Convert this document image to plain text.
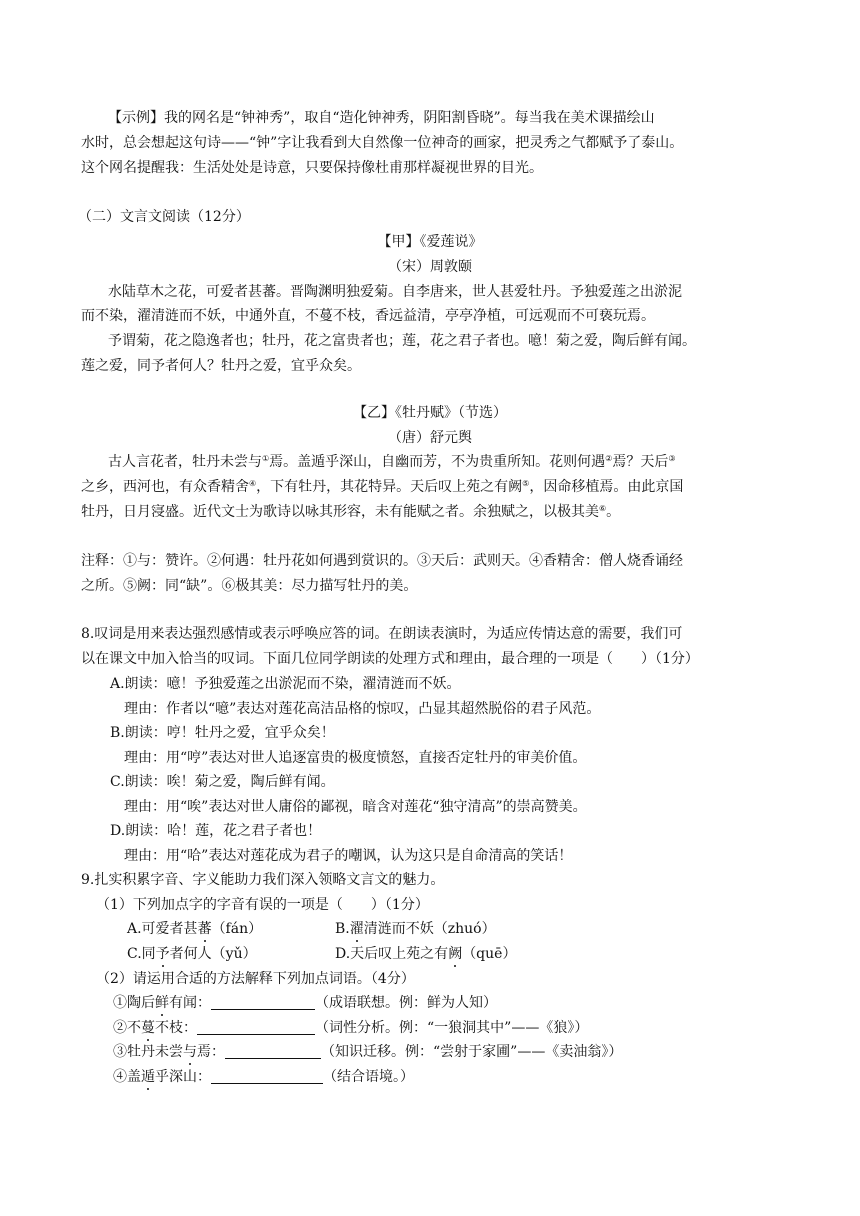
【示例】我的网名是“钟神秀”，取自“造化钟神秀，阴阳割昏晓”。每当我在美术课描绘山
水时，总会想起这句诗——“钟”字让我看到大自然像一位神奇的画家，把灵秀之气都赋予了泰山。
这个网名提醒我：生活处处是诗意，只要保持像杜甫那样凝视世界的目光。
（二）文言文阅读（12分）
【甲】《爱莲说》
（宋）周敦颐
水陆草木之花，可爱者甚蕃。晋陶渊明独爱菊。自李唐来，世人甚爱牡丹。予独爱莲之出淤泥
而不染，濯清涟而不妖，中通外直，不蔓不枝，香远益清，亭亭净植，可远观而不可亵玩焉。
予谓菊，花之隐逸者也；牡丹，花之富贵者也；莲，花之君子者也。噫！菊之爱，陶后鲜有闻。
莲之爱，同予者何人？牡丹之爱，宜乎众矣。
【乙】《牡丹赋》（节选）
（唐）舒元舆
古人言花者，牡丹未尝与①焉。盖遁乎深山，自幽而芳，不为贵重所知。花则何遇②焉？天后③
之乡，西河也，有众香精舍④，下有牡丹，其花特异。天后叹上苑之有阙⑤，因命移植焉。由此京国
牡丹，日月寖盛。近代文士为歌诗以咏其形容，未有能赋之者。余独赋之，以极其美⑥。
注释：①与：赞许。②何遇：牡丹花如何遇到赏识的。③天后：武则天。④香精舍：僧人烧香诵经
之所。⑤阙：同“缺”。⑥极其美：尽力描写牡丹的美。
8.叹词是用来表达强烈感情或表示呼唤应答的词。在朗读表演时，为适应传情达意的需要，我们可
以在课文中加入恰当的叹词。下面几位同学朗读的处理方式和理由，最合理的一项是（　　）（1分）
A.朗读：噫！予独爱莲之出淤泥而不染，濯清涟而不妖。
理由：作者以“噫”表达对莲花高洁品格的惊叹，凸显其超然脱俗的君子风范。
B.朗读：哼！牡丹之爱，宜乎众矣！
理由：用“哼”表达对世人追逐富贵的极度愤怒，直接否定牡丹的审美价值。
C.朗读：唉！菊之爱，陶后鲜有闻。
理由：用“唉”表达对世人庸俗的鄙视，暗含对莲花“独守清高”的崇高赞美。
D.朗读：哈！莲，花之君子者也！
理由：用“哈”表达对莲花成为君子的嘲讽，认为这只是自命清高的笑话！
9.扎实积累字音、字义能助力我们深入领略文言文的魅力。
（1）下列加点字的字音有误的一项是（　　）（1分）
A.可爱者甚蕃（fán）	B.濯清涟而不妖（zhuó）
C.同予者何人（yǔ）	D.天后叹上苑之有阙（quē）
（2）请运用合适的方法解释下列加点词语。（4分）
①陶后鲜有闻：	（成语联想。例：鲜为人知）
②不蔓不枝：	（词性分析。例：“一狼洞其中”——《狼》）
③牡丹未尝与焉：	（知识迁移。例：“尝射于家圃”——《卖油翁》）
④盖遁乎深山：	（结合语境。）
